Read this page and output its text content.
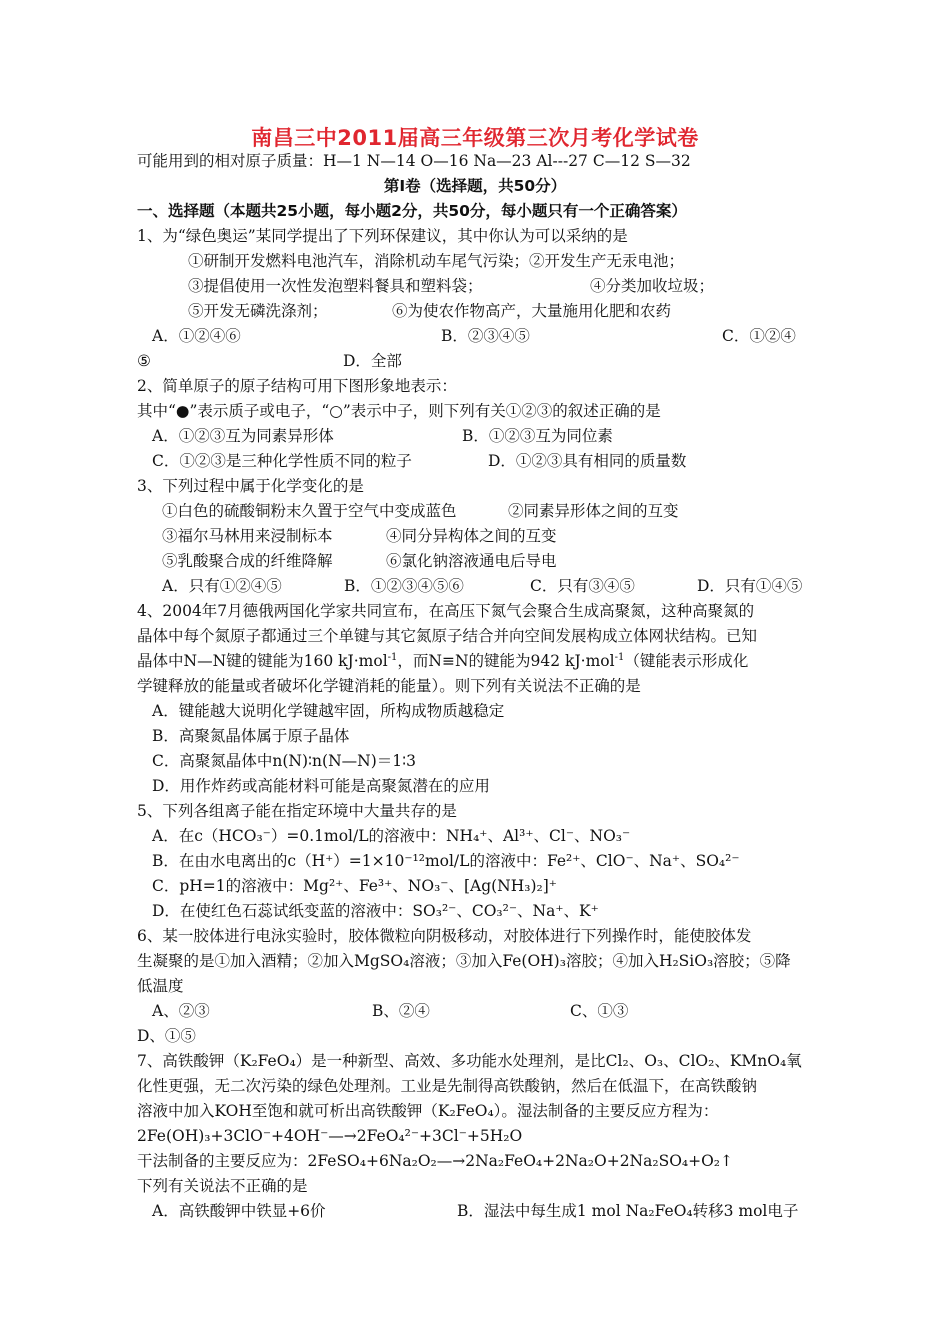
南昌三中2011届高三年级第三次月考化学试卷
可能用到的相对原子质量：H—1 N—14 O—16 Na—23 Al---27 C—12 S—32
第Ⅰ卷（选择题，共50分）
一、选择题（本题共25小题，每小题2分，共50分，每小题只有一个正确答案）
1、为“绿色奥运”某同学提出了下列环保建议，其中你认为可以采纳的是
①研制开发燃料电池汽车，消除机动车尾气污染；②开发生产无汞电池；
③提倡使用一次性发泡塑料餐具和塑料袋；	④分类加收垃圾；
⑤开发无磷洗涤剂；	⑥为使农作物高产，大量施用化肥和农药
A．①②④⑥	B．②③④⑤	C．①②④
⑤	D．全部
2、简单原子的原子结构可用下图形象地表示：
其中“●”表示质子或电子，“○”表示中子，则下列有关①②③的叙述正确的是
A．①②③互为同素异形体	B．①②③互为同位素
C．①②③是三种化学性质不同的粒子	D．①②③具有相同的质量数
3、下列过程中属于化学变化的是
①白色的硫酸铜粉末久置于空气中变成蓝色	②同素异形体之间的互变
③福尔马林用来浸制标本	④同分异构体之间的互变
⑤乳酸聚合成的纤维降解	⑥氯化钠溶液通电后导电
A．只有①②④⑤	B．①②③④⑤⑥	C．只有③④⑤	D．只有①④⑤
4、2004年7月德俄两国化学家共同宣布，在高压下氮气会聚合生成高聚氮，这种高聚氮的
晶体中每个氮原子都通过三个单键与其它氮原子结合并向空间发展构成立体网状结构。已知
晶体中N—N键的键能为160 kJ·mol$^{-1}$，而N≡N的键能为942 kJ·mol$^{-1}$（键能表示形成化
学键释放的能量或者破坏化学键消耗的能量）。则下列有关说法不正确的是
A．键能越大说明化学键越牢固，所构成物质越稳定
B．高聚氮晶体属于原子晶体
C．高聚氮晶体中n(N)∶n(N—N)＝1∶3
D．用作炸药或高能材料可能是高聚氮潜在的应用
5、下列各组离子能在指定环境中大量共存的是
A．在c（HCO₃⁻）=0.1mol/L的溶液中：NH₄⁺、Al³⁺、Cl⁻、NO₃⁻
B．在由水电离出的c（H⁺）=1×10⁻¹²mol/L的溶液中：Fe²⁺、ClO⁻、Na⁺、SO₄²⁻
C．pH=1的溶液中：Mg²⁺、Fe³⁺、NO₃⁻、[Ag(NH₃)₂]⁺
D．在使红色石蕊试纸变蓝的溶液中：SO₃²⁻、CO₃²⁻、Na⁺、K⁺
6、某一胶体进行电泳实验时，胶体微粒向阴极移动，对胶体进行下列操作时，能使胶体发
生凝聚的是①加入酒精；②加入MgSO₄溶液；③加入Fe(OH)₃溶胶；④加入H₂SiO₃溶胶；⑤降
低温度
A、②③	B、②④	C、①③
D、①⑤
7、高铁酸钾（K₂FeO₄）是一种新型、高效、多功能水处理剂，是比Cl₂、O₃、ClO₂、KMnO₄氧
化性更强，无二次污染的绿色处理剂。工业是先制得高铁酸钠，然后在低温下，在高铁酸钠
溶液中加入KOH至饱和就可析出高铁酸钾（K₂FeO₄）。湿法制备的主要反应方程为：
2Fe(OH)₃+3ClO⁻+4OH⁻—→2FeO₄²⁻+3Cl⁻+5H₂O
干法制备的主要反应为：2FeSO₄+6Na₂O₂—→2Na₂FeO₄+2Na₂O+2Na₂SO₄+O₂↑
下列有关说法不正确的是
A．高铁酸钾中铁显+6价	B．湿法中每生成1 mol Na₂FeO₄转移3 mol电子
